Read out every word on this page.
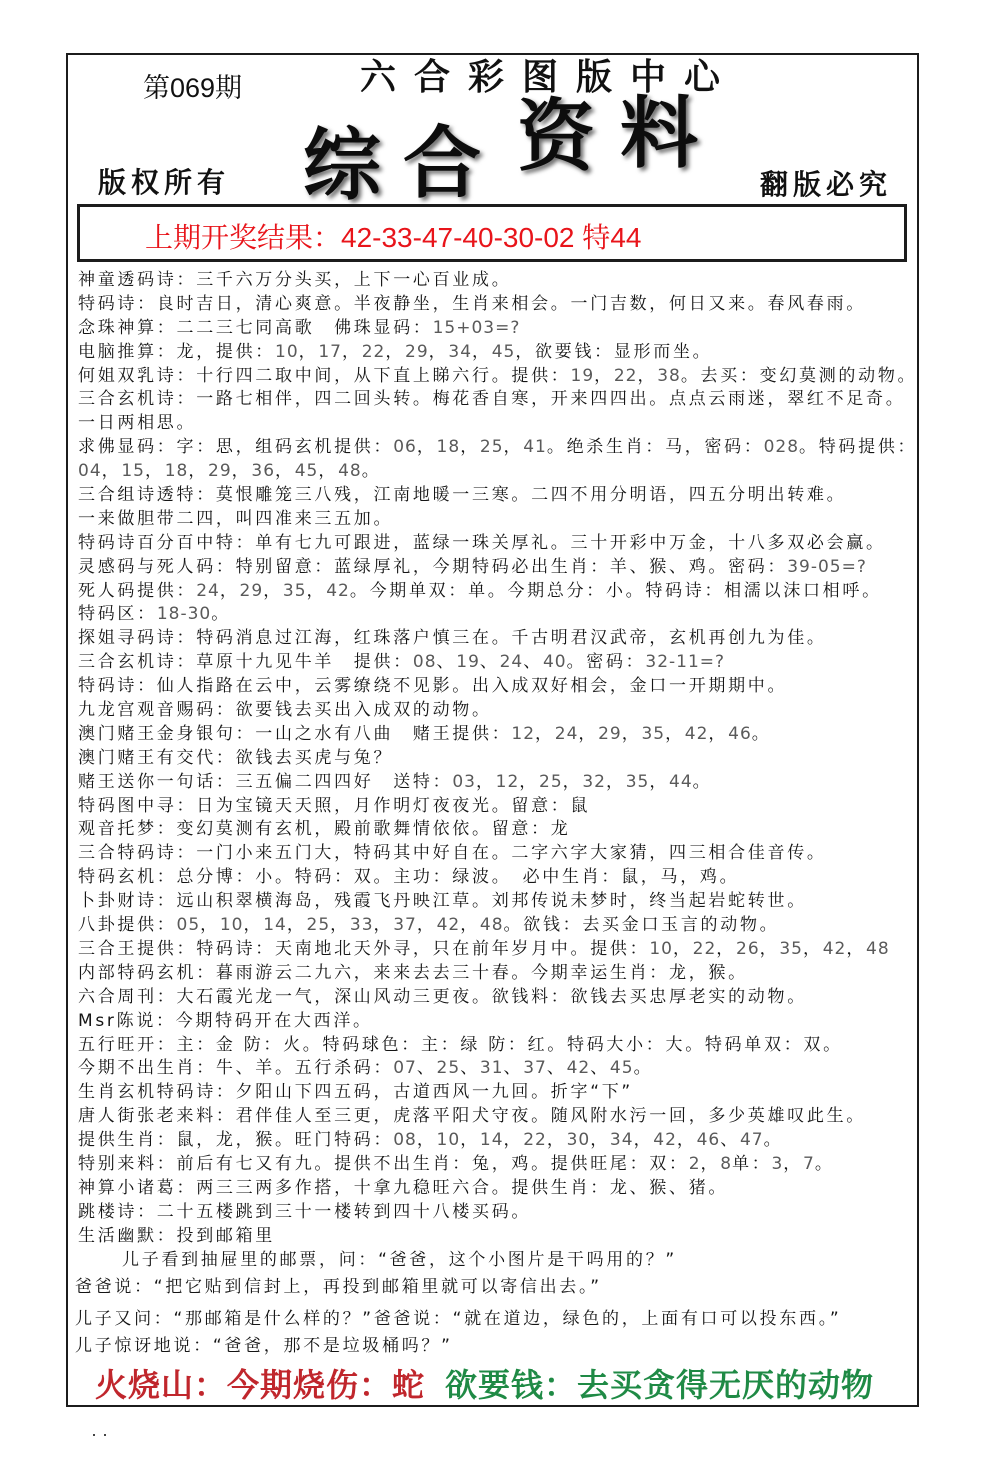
第069期	六合彩图版中心
综 合 资 料
版权所有	翻版必究
上期开奖结果：42-33-47-40-30-02 特44
神童透码诗：三千六万分头买，上下一心百业成。
特码诗：良时吉日，清心爽意。半夜静坐，生肖来相会。一门吉数，何日又来。春风春雨。
念珠神算：二二三七同高歌　佛珠显码：15+03=?
电脑推算：龙，提供：10，17，22，29，34，45，欲要钱：显形而坐。
何姐双乳诗：十行四二取中间，从下直上睇六行。提供：19，22，38。去买：变幻莫测的动物。
三合玄机诗：一路七相伴，四二回头转。梅花香自寒，开来四四出。点点云雨迷，翠红不足奇。
一日两相思。
求佛显码：字：思，组码玄机提供：06，18，25，41。绝杀生肖：马，密码：028。特码提供：
04，15，18，29，36，45，48。
三合组诗透特：莫恨雕笼三八残，江南地暖一三寒。二四不用分明语，四五分明出转难。
一来做胆带二四，叫四准来三五加。
特码诗百分百中特：单有七九可跟进，蓝绿一珠关厚礼。三十开彩中万金，十八多双必会赢。
灵感码与死人码：特别留意：蓝绿厚礼，今期特码必出生肖：羊、猴、鸡。密码：39-05=?
死人码提供：24，29，35，42。今期单双：单。今期总分：小。特码诗：相濡以沫口相呼。
特码区：18-30。
探姐寻码诗：特码消息过江海，红珠落户慎三在。千古明君汉武帝，玄机再创九为佳。
三合玄机诗：草原十九见牛羊　提供：08、19、24、40。密码：32-11=?
特码诗：仙人指路在云中，云雾缭绕不见影。出入成双好相会，金口一开期期中。
九龙宫观音赐码：欲要钱去买出入成双的动物。
澳门赌王金身银句：一山之水有八曲　赌王提供：12，24，29，35，42，46。
澳门赌王有交代：欲钱去买虎与兔？
赌王送你一句话：三五偏二四四好　送特：03，12，25，32，35，44。
特码图中寻：日为宝镜天天照，月作明灯夜夜光。留意：鼠
观音托梦：变幻莫测有玄机，殿前歌舞情依依。留意：龙
三合特码诗：一门小来五门大，特码其中好自在。二字六字大家猜，四三相合佳音传。
特码玄机：总分博：小。特码：双。主功：绿波。　必中生肖：鼠，马，鸡。
卜卦财诗：远山积翠横海岛，残霞飞丹映江草。刘邦传说未梦时，终当起岩蛇转世。
八卦提供：05，10，14，25，33，37，42，48。欲钱：去买金口玉言的动物。
三合王提供：特码诗：天南地北天外寻，只在前年岁月中。提供：10，22，26，35，42，48
内部特码玄机：暮雨游云二九六，来来去去三十春。今期幸运生肖：龙，猴。
六合周刊：大石霞光龙一气，深山风动三更夜。欲钱料：欲钱去买忠厚老实的动物。
Msr陈说：今期特码开在大西洋。
五行旺开：主：金 防：火。特码球色：主：绿 防：红。特码大小：大。特码单双：双。
今期不出生肖：牛、羊。五行杀码：07、25、31、37、42、45。
生肖玄机特码诗：夕阳山下四五码，古道西风一九回。折字“下”
唐人街张老来料：君伴佳人至三更，虎落平阳犬守夜。随风附水污一回，多少英雄叹此生。
提供生肖：鼠，龙，猴。旺门特码：08，10，14，22，30，34，42，46、47。
特别来料：前后有七又有九。提供不出生肖：兔，鸡。提供旺尾：双：2，8单：3，7。
神算小诸葛：两三三两多作搭，十拿九稳旺六合。提供生肖：龙、猴、猪。
跳楼诗：二十五楼跳到三十一楼转到四十八楼买码。
生活幽默：投到邮箱里
儿子看到抽屉里的邮票，问：“爸爸，这个小图片是干吗用的？”
爸爸说：“把它贴到信封上，再投到邮箱里就可以寄信出去。”
儿子又问：“那邮箱是什么样的？”爸爸说：“就在道边，绿色的，上面有口可以投东西。”
儿子惊讶地说：“爸爸，那不是垃圾桶吗？”
火烧山：今期烧伤：蛇 欲要钱：去买贪得无厌的动物
